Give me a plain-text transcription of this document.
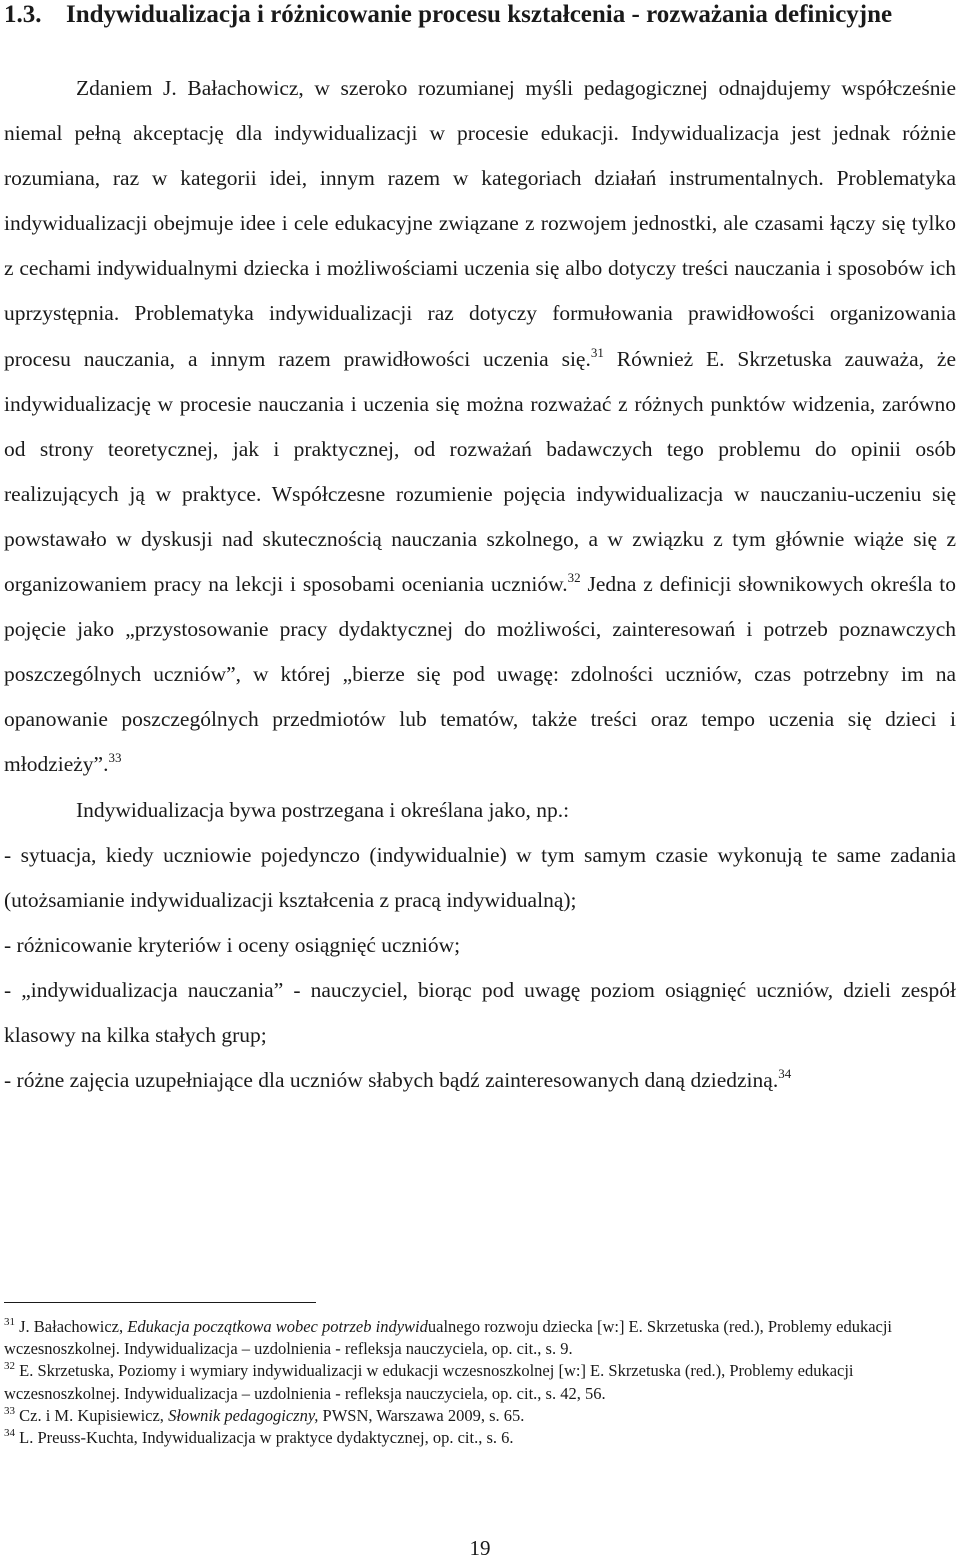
1.3. Indywidualizacja i różnicowanie procesu kształcenia - rozważania definicyjne

Zdaniem J. Bałachowicz, w szeroko rozumianej myśli pedagogicznej odnajdujemy współcześnie niemal pełną akceptację dla indywidualizacji w procesie edukacji. Indywidualizacja jest jednak różnie rozumiana, raz w kategorii idei, innym razem w kategoriach działań instrumentalnych. Problematyka indywidualizacji obejmuje idee i cele edukacyjne związane z rozwojem jednostki, ale czasami łączy się tylko z cechami indywidualnymi dziecka i możliwościami uczenia się albo dotyczy treści nauczania i sposobów ich uprzystępnia. Problematyka indywidualizacji raz dotyczy formułowania prawidłowości organizowania procesu nauczania, a innym razem prawidłowości uczenia się.$^{31}$ Również E. Skrzetuska zauważa, że indywidualizację w procesie nauczania i uczenia się można rozważać z różnych punktów widzenia, zarówno od strony teoretycznej, jak i praktycznej, od rozważań badawczych tego problemu do opinii osób realizujących ją w praktyce. Współczesne rozumienie pojęcia indywidualizacja w nauczaniu-uczeniu się powstawało w dyskusji nad skutecznością nauczania szkolnego, a w związku z tym głównie wiąże się z organizowaniem pracy na lekcji i sposobami oceniania uczniów.$^{32}$ Jedna z definicji słownikowych określa to pojęcie jako „przystosowanie pracy dydaktycznej do możliwości, zainteresowań i potrzeb poznawczych poszczególnych uczniów”, w której „bierze się pod uwagę: zdolności uczniów, czas potrzebny im na opanowanie poszczególnych przedmiotów lub tematów, także treści oraz tempo uczenia się dzieci i młodzieży”.$^{33}$

Indywidualizacja bywa postrzegana i określana jako, np.:

- sytuacja, kiedy uczniowie pojedynczo (indywidualnie) w tym samym czasie wykonują te same zadania (utożsamianie indywidualizacji kształcenia z pracą indywidualną);

- różnicowanie kryteriów i oceny osiągnięć uczniów;

- „indywidualizacja nauczania” - nauczyciel, biorąc pod uwagę poziom osiągnięć uczniów, dzieli zespół klasowy na kilka stałych grup;

- różne zajęcia uzupełniające dla uczniów słabych bądź zainteresowanych daną dziedziną.$^{34}$

$^{31}$ J. Bałachowicz, Edukacja początkowa wobec potrzeb indywidualnego rozwoju dziecka [w:] E. Skrzetuska (red.), Problemy edukacji wczesnoszkolnej. Indywidualizacja – uzdolnienia - refleksja nauczyciela, op. cit., s. 9.

$^{32}$ E. Skrzetuska, Poziomy i wymiary indywidualizacji w edukacji wczesnoszkolnej [w:] E. Skrzetuska (red.), Problemy edukacji wczesnoszkolnej. Indywidualizacja – uzdolnienia - refleksja nauczyciela, op. cit., s. 42, 56.

$^{33}$ Cz. i M. Kupisiewicz, Słownik pedagogiczny, PWSN, Warszawa 2009, s. 65.

$^{34}$ L. Preuss-Kuchta, Indywidualizacja w praktyce dydaktycznej, op. cit., s. 6.

19
